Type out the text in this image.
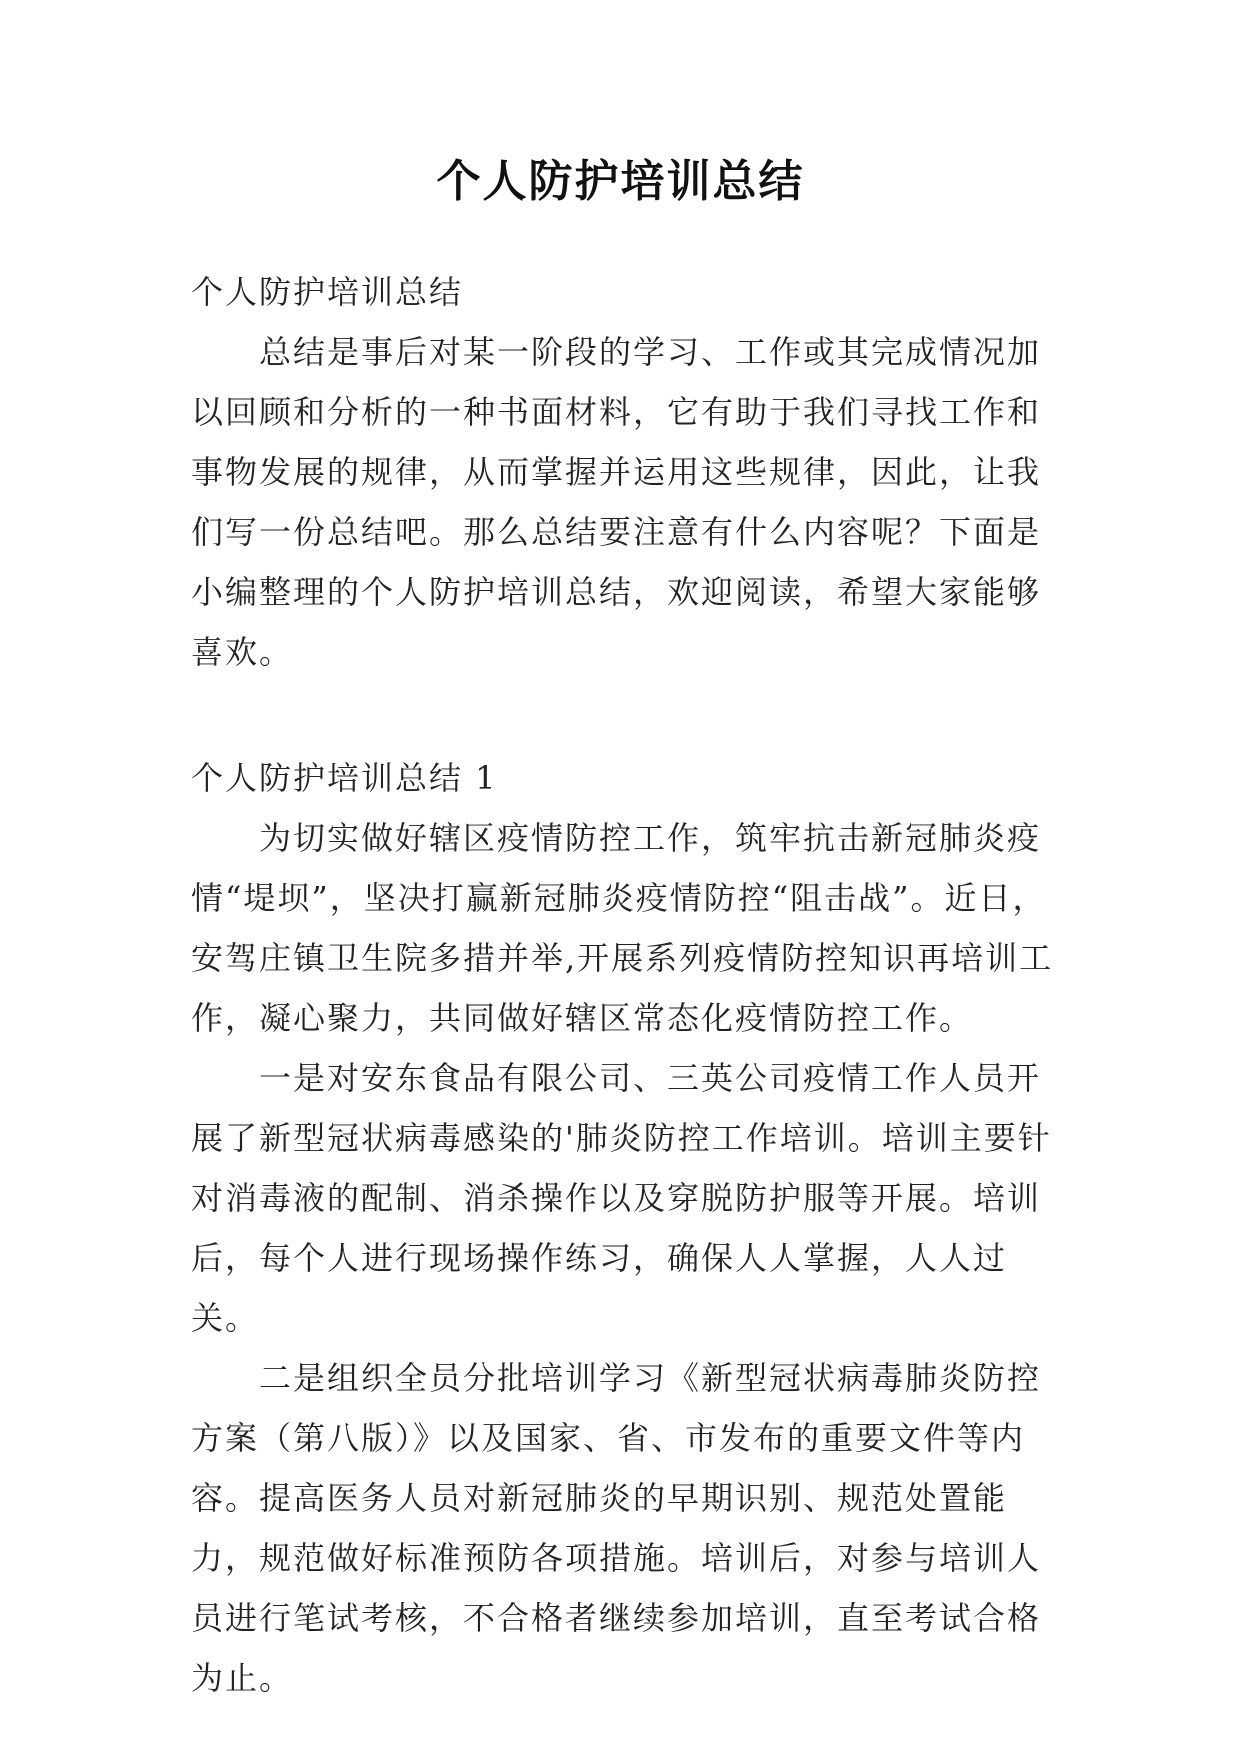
个人防护培训总结

个人防护培训总结

总结是事后对某一阶段的学习、工作或其完成情况加以回顾和分析的一种书面材料，它有助于我们寻找工作和事物发展的规律，从而掌握并运用这些规律，因此，让我们写一份总结吧。那么总结要注意有什么内容呢？下面是小编整理的个人防护培训总结，欢迎阅读，希望大家能够喜欢。

个人防护培训总结 1

为切实做好辖区疫情防控工作，筑牢抗击新冠肺炎疫情“堤坝”，坚决打赢新冠肺炎疫情防控“阻击战”。近日，安驾庄镇卫生院多措并举,开展系列疫情防控知识再培训工作，凝心聚力，共同做好辖区常态化疫情防控工作。

一是对安东食品有限公司、三英公司疫情工作人员开展了新型冠状病毒感染的'肺炎防控工作培训。培训主要针对消毒液的配制、消杀操作以及穿脱防护服等开展。培训后，每个人进行现场操作练习，确保人人掌握，人人过关。

二是组织全员分批培训学习《新型冠状病毒肺炎防控方案（第八版）》以及国家、省、市发布的重要文件等内容。提高医务人员对新冠肺炎的早期识别、规范处置能力，规范做好标准预防各项措施。培训后，对参与培训人员进行笔试考核，不合格者继续参加培训，直至考试合格为止。
